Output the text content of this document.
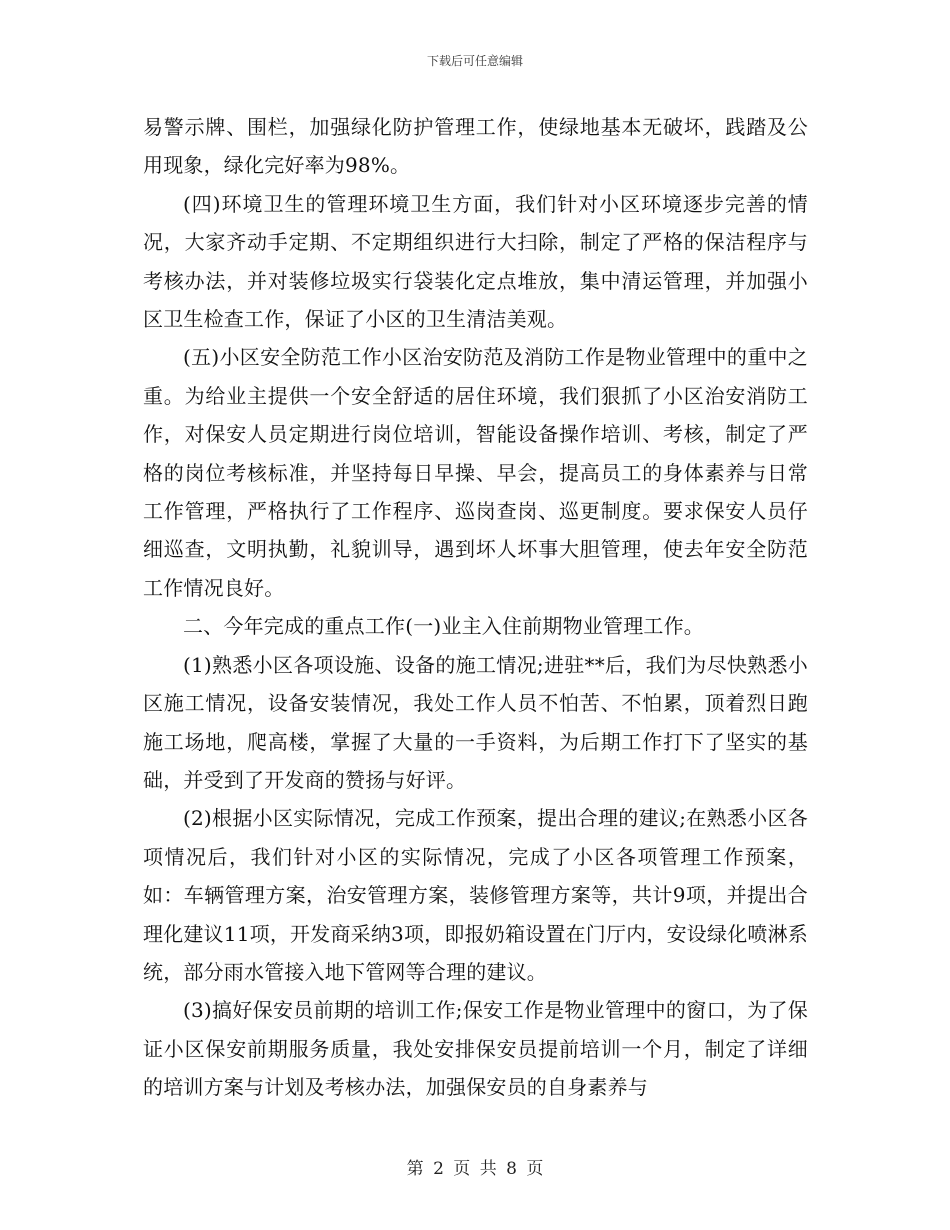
下载后可任意编辑

易警示牌、围栏，加强绿化防护管理工作，使绿地基本无破坏，践踏及公用现象，绿化完好率为98%。

(四)环境卫生的管理环境卫生方面，我们针对小区环境逐步完善的情况，大家齐动手定期、不定期组织进行大扫除，制定了严格的保洁程序与考核办法，并对装修垃圾实行袋装化定点堆放，集中清运管理，并加强小区卫生检查工作，保证了小区的卫生清洁美观。

(五)小区安全防范工作小区治安防范及消防工作是物业管理中的重中之重。为给业主提供一个安全舒适的居住环境，我们狠抓了小区治安消防工作，对保安人员定期进行岗位培训，智能设备操作培训、考核，制定了严格的岗位考核标准，并坚持每日早操、早会，提高员工的身体素养与日常工作管理，严格执行了工作程序、巡岗查岗、巡更制度。要求保安人员仔细巡查，文明执勤，礼貌训导，遇到坏人坏事大胆管理，使去年安全防范工作情况良好。

二、今年完成的重点工作(一)业主入住前期物业管理工作。

(1)熟悉小区各项设施、设备的施工情况;进驻**后，我们为尽快熟悉小区施工情况，设备安装情况，我处工作人员不怕苦、不怕累，顶着烈日跑施工场地，爬高楼，掌握了大量的一手资料，为后期工作打下了坚实的基础，并受到了开发商的赞扬与好评。

(2)根据小区实际情况，完成工作预案，提出合理的建议;在熟悉小区各项情况后，我们针对小区的实际情况，完成了小区各项管理工作预案，如：车辆管理方案，治安管理方案，装修管理方案等，共计9项，并提出合理化建议11项，开发商采纳3项，即报奶箱设置在门厅内，安设绿化喷淋系统，部分雨水管接入地下管网等合理的建议。

(3)搞好保安员前期的培训工作;保安工作是物业管理中的窗口，为了保证小区保安前期服务质量，我处安排保安员提前培训一个月，制定了详细的培训方案与计划及考核办法，加强保安员的自身素养与

第 2 页 共 8 页
